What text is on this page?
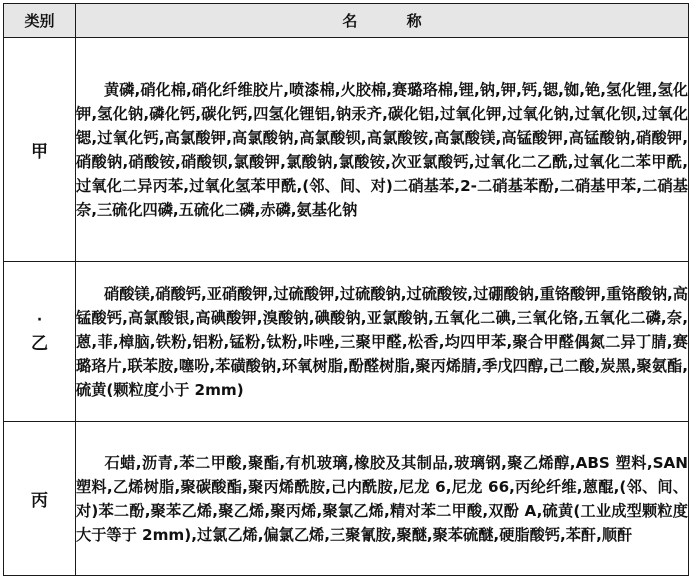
类别	名 称
甲	黄磷,硝化棉,硝化纤维胶片,喷漆棉,火胶棉,赛璐珞棉,锂,钠,钾,钙,锶,铷,铯,氢化锂,氢化钾,氢化钠,磷化钙,碳化钙,四氢化锂铝,钠汞齐,碳化铝,过氧化钾,过氧化钠,过氧化钡,过氧化锶,过氧化钙,高氯酸钾,高氯酸钠,高氯酸钡,高氯酸铵,高氯酸镁,高锰酸钾,高锰酸钠,硝酸钾,硝酸钠,硝酸铵,硝酸钡,氯酸钾,氯酸钠,氯酸铵,次亚氯酸钙,过氧化二乙酰,过氧化二苯甲酰,过氧化二异丙苯,过氧化氢苯甲酰,(邻、间、对)二硝基苯,2-二硝基苯酚,二硝基甲苯,二硝基奈,三硫化四磷,五硫化二磷,赤磷,氨基化钠

·
乙	硝酸镁,硝酸钙,亚硝酸钾,过硫酸钾,过硫酸钠,过硫酸铵,过硼酸钠,重铬酸钾,重铬酸钠,高锰酸钙,高氯酸银,高碘酸钾,溴酸钠,碘酸钠,亚氯酸钠,五氧化二碘,三氧化铬,五氧化二磷,奈,蒽,菲,樟脑,铁粉,铝粉,锰粉,钛粉,咔唑,三聚甲醛,松香,均四甲苯,聚合甲醛偶氮二异丁腈,赛璐珞片,联苯胺,噻吩,苯磺酸钠,环氧树脂,酚醛树脂,聚丙烯腈,季戊四醇,己二酸,炭黑,聚氨酯,硫黄(颗粒度小于 2mm)
丙	石蜡,沥青,苯二甲酸,聚酯,有机玻璃,橡胶及其制品,玻璃钢,聚乙烯醇,ABS 塑料,SAN 塑料,乙烯树脂,聚碳酸酯,聚丙烯酰胺,己内酰胺,尼龙 6,尼龙 66,丙纶纤维,蒽醌,(邻、间、对)苯二酚,聚苯乙烯,聚乙烯,聚丙烯,聚氯乙烯,精对苯二甲酸,双酚 A,硫黄(工业成型颗粒度大于等于 2mm),过氯乙烯,偏氯乙烯,三聚氰胺,聚醚,聚苯硫醚,硬脂酸钙,苯酐,顺酐
